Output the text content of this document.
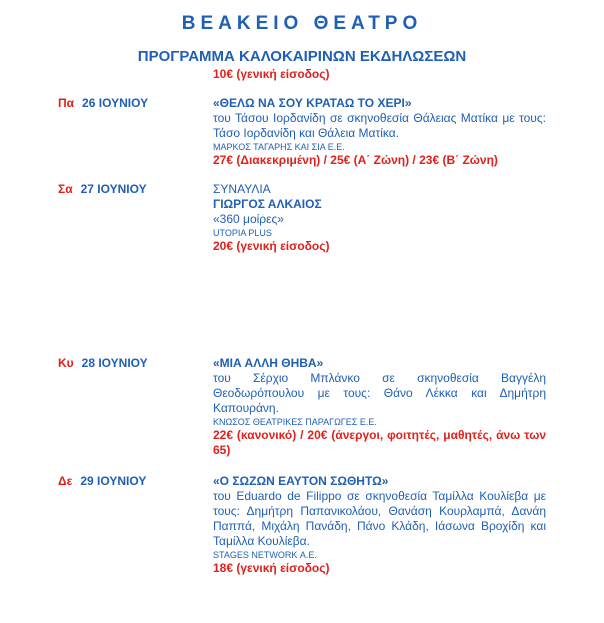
ΒΕΑΚΕΙΟ ΘΕΑΤΡΟ
ΠΡΟΓΡΑΜΜΑ ΚΑΛΟΚΑΙΡΙΝΩΝ ΕΚΔΗΛΩΣΕΩΝ
10€ (γενική είσοδος)
Πα 26 ΙΟΥΝΙΟΥ	«ΘΕΛΩ ΝΑ ΣΟΥ ΚΡΑΤΑΩ ΤΟ ΧΕΡΙ»
του Τάσου Ιορδανίδη σε σκηνοθεσία Θάλειας Ματίκα με τους: Τάσο Ιορδανίδη και Θάλεια Ματίκα.
ΜΑΡΚΟΣ ΤΑΓΑΡΗΣ ΚΑΙ ΣΙΑ Ε.Ε.
27€ (Διακεκριμένη) / 25€ (Α΄ Ζώνη) / 23€ (Β΄ Ζώνη)
Σα 27 ΙΟΥΝΙΟΥ	ΣΥΝΑΥΛΙΑ
ΓΙΩΡΓΟΣ ΑΛΚΑΙΟΣ
«360 μοίρες»
UTOPIA PLUS
20€ (γενική είσοδος)
Κυ 28 ΙΟΥΝΙΟΥ	«ΜΙΑ ΑΛΛΗ ΘΗΒΑ»
του Σέρχιο Μπλάνκο σε σκηνοθεσία Βαγγέλη Θεοδωρόπουλου με τους: Θάνο Λέκκα και Δημήτρη Καπουράνη.
ΚΝΩΣΟΣ ΘΕΑΤΡΙΚΕΣ ΠΑΡΑΓΩΓΕΣ Ε.Ε.
22€ (κανονικό) / 20€ (άνεργοι, φοιτητές, μαθητές, άνω των 65)
Δε 29 ΙΟΥΝΙΟΥ	«Ο ΣΩΖΩΝ ΕΑΥΤΟΝ ΣΩΘΗΤΩ»
του Eduardo de Filippo σε σκηνοθεσία Ταμίλλα Κουλίεβα με τους: Δημήτρη Παπανικολάου, Θανάση Κουρλαμπά, Δανάη Παππά, Μιχάλη Πανάδη, Πάνο Κλάδη, Ιάσωνα Βροχίδη και Ταμίλλα Κουλίεβα.
STAGES NETWORK Α.Ε.
18€ (γενική είσοδος)
